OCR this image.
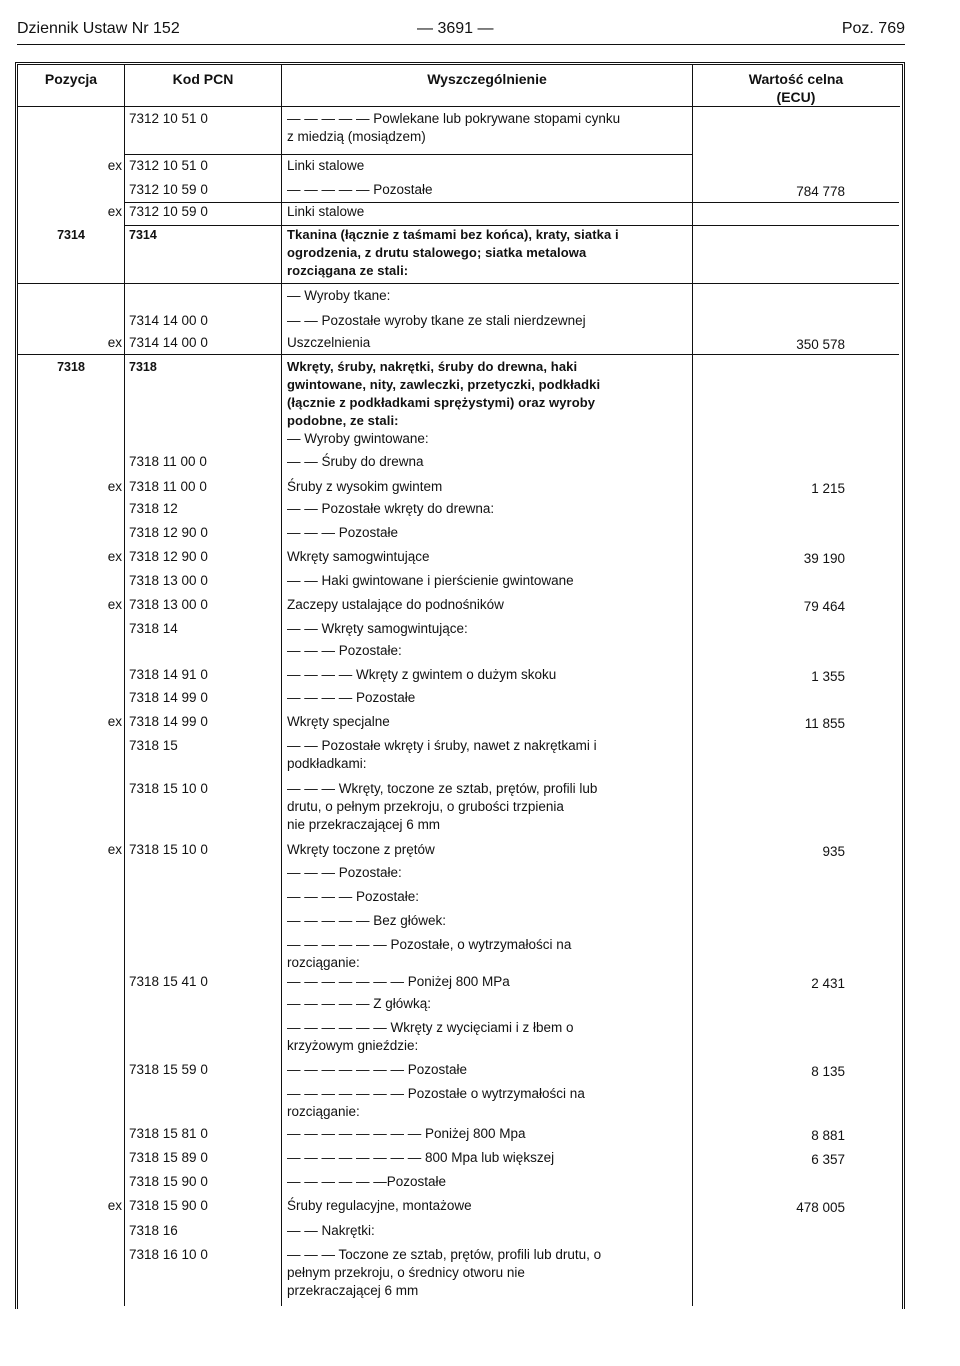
Dziennik Ustaw Nr 152	— 3691 —	Poz. 769
Pozycja	Kod PCN	Wyszczególnienie	Wartość celna
(ECU)
7312 10 51 0	— — — — — Powlekane lub pokrywane stopami cynku
z miedzią (mosiądzem)
ex 7312 10 51 0	Linki stalowe
7312 10 59 0	— — — — — Pozostałe	784 778
ex 7312 10 59 0	Linki stalowe
7314	7314	Tkanina (łącznie z taśmami bez końca), kraty, siatka i
ogrodzenia, z drutu stalowego; siatka metalowa
rozciągana ze stali:
— Wyroby tkane:
7314 14 00 0	— — Pozostałe wyroby tkane ze stali nierdzewnej
ex 7314 14 00 0	Uszczelnienia	350 578
7318	7318	Wkręty, śruby, nakrętki, śruby do drewna, haki
gwintowane, nity, zawleczki, przetyczki, podkładki
(łącznie z podkładkami sprężystymi) oraz wyroby
podobne, ze stali:
— Wyroby gwintowane:
7318 11 00 0	— — Śruby do drewna
ex 7318 11 00 0	Śruby z wysokim gwintem	1 215
7318 12	— — Pozostałe wkręty do drewna:
7318 12 90 0	— — — Pozostałe
ex 7318 12 90 0	Wkręty samogwintujące	39 190
7318 13 00 0	— — Haki gwintowane i pierścienie gwintowane
ex 7318 13 00 0	Zaczepy ustalające do podnośników	79 464
7318 14	— — Wkręty samogwintujące:
— — — Pozostałe:
7318 14 91 0	— — — — Wkręty z gwintem o dużym skoku	1 355
7318 14 99 0	— — — — Pozostałe
ex 7318 14 99 0	Wkręty specjalne	11 855
7318 15	— — Pozostałe wkręty i śruby, nawet z nakrętkami i
podkładkami:
7318 15 10 0	— — — Wkręty, toczone ze sztab, prętów, profili lub
drutu, o pełnym przekroju, o grubości trzpienia
nie przekraczającej 6 mm
ex 7318 15 10 0	Wkręty toczone z prętów	935
— — — Pozostałe:
— — — — Pozostałe:
— — — — — Bez główek:
— — — — — — Pozostałe, o wytrzymałości na
rozciąganie:
7318 15 41 0	— — — — — — — Poniżej 800 MPa	2 431
— — — — — Z główką:
— — — — — — Wkręty z wycięciami i z łbem o
krzyżowym gnieździe:
7318 15 59 0	— — — — — — — Pozostałe	8 135
— — — — — — — Pozostałe o wytrzymałości na
rozciąganie:
7318 15 81 0	— — — — — — — — Poniżej 800 Mpa	8 881
7318 15 89 0	— — — — — — — — 800 Mpa lub większej	6 357
7318 15 90 0	— — — — — —Pozostałe
ex 7318 15 90 0	Śruby regulacyjne, montażowe	478 005
7318 16	— — Nakrętki:
7318 16 10 0	— — — Toczone ze sztab, prętów, profili lub drutu, o
pełnym przekroju, o średnicy otworu nie
przekraczającej 6 mm
